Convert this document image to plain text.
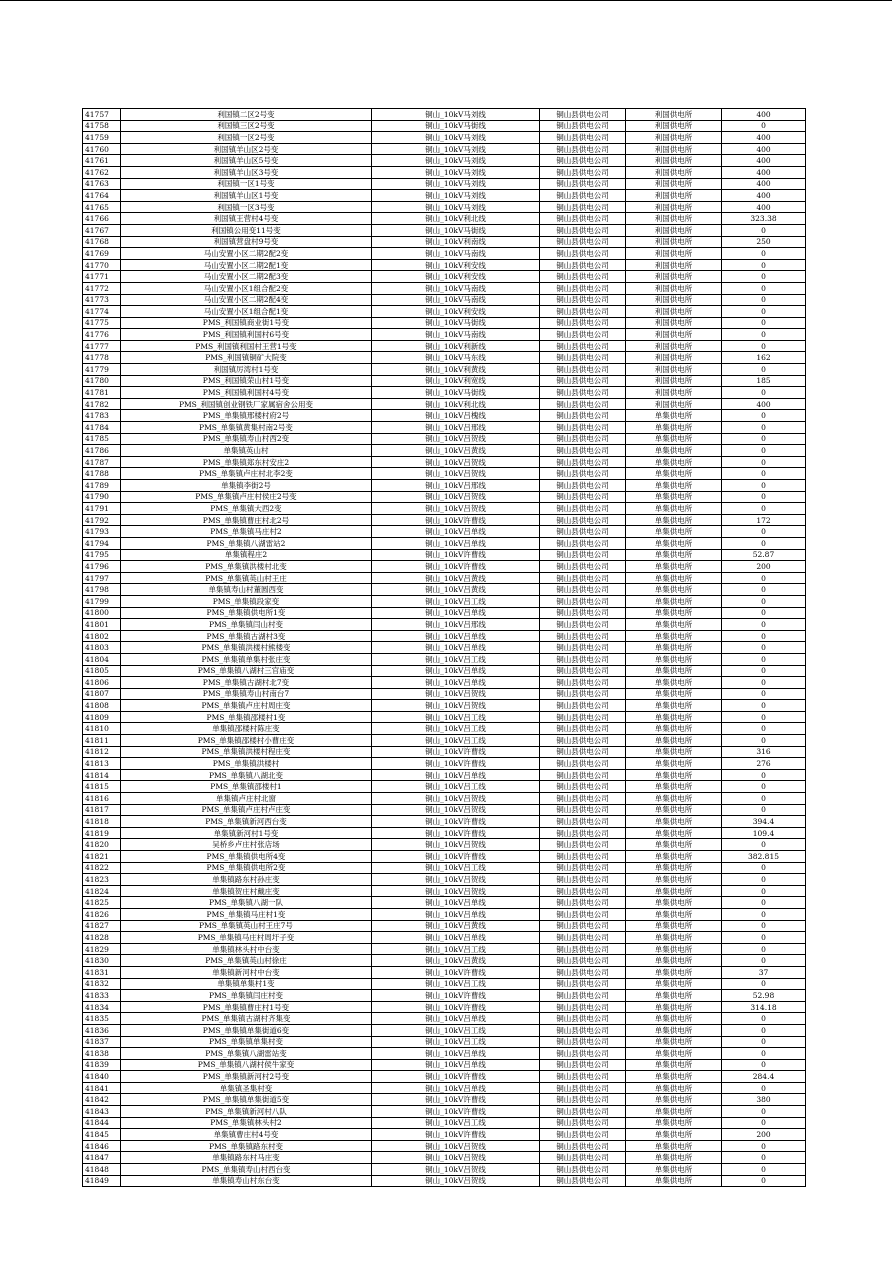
41757	利国镇二区2号变	铜山_10kV马刘线	铜山县供电公司	利国供电所	400
41758	利国镇三区2号变	铜山_10kV马街线	铜山县供电公司	利国供电所	0
41759	利国镇一区2号变	铜山_10kV马刘线	铜山县供电公司	利国供电所	400
41760	利国镇羊山区2号变	铜山_10kV马刘线	铜山县供电公司	利国供电所	400
41761	利国镇羊山区5号变	铜山_10kV马刘线	铜山县供电公司	利国供电所	400
41762	利国镇羊山区3号变	铜山_10kV马刘线	铜山县供电公司	利国供电所	400
41763	利国镇一区1号变	铜山_10kV马刘线	铜山县供电公司	利国供电所	400
41764	利国镇羊山区1号变	铜山_10kV马刘线	铜山县供电公司	利国供电所	400
41765	利国镇一区3号变	铜山_10kV马刘线	铜山县供电公司	利国供电所	400
41766	利国镇王营村4号变	铜山_10kV利北线	铜山县供电公司	利国供电所	323.38
41767	利国镇公用变11号变	铜山_10kV马街线	铜山县供电公司	利国供电所	0
41768	利国镇营盘村9号变	铜山_10kV利南线	铜山县供电公司	利国供电所	250
41769	马山安置小区二期2配2变	铜山_10kV马南线	铜山县供电公司	利国供电所	0
41770	马山安置小区二期2配1变	铜山_10kV利安线	铜山县供电公司	利国供电所	0
41771	马山安置小区二期2配3变	铜山_10kV利安线	铜山县供电公司	利国供电所	0
41772	马山安置小区1组合配2变	铜山_10kV马南线	铜山县供电公司	利国供电所	0
41773	马山安置小区二期2配4变	铜山_10kV马南线	铜山县供电公司	利国供电所	0
41774	马山安置小区1组合配1变	铜山_10kV利安线	铜山县供电公司	利国供电所	0
41775	PMS_利国镇商业街1号变	铜山_10kV马街线	铜山县供电公司	利国供电所	0
41776	PMS_利国镇利国村6号变	铜山_10kV马南线	铜山县供电公司	利国供电所	0
41777	PMS_利国镇利国村王营1号变	铜山_10kV利新线	铜山县供电公司	利国供电所	0
41778	PMS_利国镇铜矿大院变	铜山_10kV马东线	铜山县供电公司	利国供电所	162
41779	利国镇厉湾村1号变	铜山_10kV利黄线	铜山县供电公司	利国供电所	0
41780	PMS_利国镇荣山村1号变	铜山_10kV利宽线	铜山县供电公司	利国供电所	185
41781	PMS_利国镇利国村4号变	铜山_10kV马街线	铜山县供电公司	利国供电所	0
41782	PMS_利国镇创业钢铁厂家属宿舍公用变	铜山_10kV利北线	铜山县供电公司	利国供电所	400
41783	PMS_单集镇邢楼村府2号	铜山_10kV吕槐线	铜山县供电公司	单集供电所	0
41784	PMS_单集镇黄集村南2号变	铜山_10kV吕邢线	铜山县供电公司	单集供电所	0
41785	PMS_单集镇寿山村西2变	铜山_10kV吕贺线	铜山县供电公司	单集供电所	0
41786	单集镇英山村	铜山_10kV吕黄线	铜山县供电公司	单集供电所	0
41787	PMS_单集镇郑东村安庄2	铜山_10kV吕贺线	铜山县供电公司	单集供电所	0
41788	PMS_单集镇卢庄村北李2变	铜山_10kV吕贺线	铜山县供电公司	单集供电所	0
41789	单集镇李街2号	铜山_10kV吕邢线	铜山县供电公司	单集供电所	0
41790	PMS_单集镇卢庄村侯庄2号变	铜山_10kV吕贺线	铜山县供电公司	单集供电所	0
41791	PMS_单集镇大西2变	铜山_10kV吕贺线	铜山县供电公司	单集供电所	0
41792	PMS_单集镇曹庄村北2号	铜山_10kV许曹线	铜山县供电公司	单集供电所	172
41793	PMS_单集镇马庄村2	铜山_10kV吕单线	铜山县供电公司	单集供电所	0
41794	PMS_单集镇八湖雷站2	铜山_10kV吕单线	铜山县供电公司	单集供电所	0
41795	单集镇程庄2	铜山_10kV许曹线	铜山县供电公司	单集供电所	52.87
41796	PMS_单集镇洪楼村北变	铜山_10kV许曹线	铜山县供电公司	单集供电所	200
41797	PMS_单集镇英山村王庄	铜山_10kV吕黄线	铜山县供电公司	单集供电所	0
41798	单集镇寿山村董圆西变	铜山_10kV吕黄线	铜山县供电公司	单集供电所	0
41799	PMS_单集镇段家变	铜山_10kV吕工线	铜山县供电公司	单集供电所	0
41800	PMS_单集镇供电所1变	铜山_10kV吕单线	铜山县供电公司	单集供电所	0
41801	PMS_单集镇闫山村变	铜山_10kV吕邢线	铜山县供电公司	单集供电所	0
41802	PMS_单集镇古湖村3变	铜山_10kV吕单线	铜山县供电公司	单集供电所	0
41803	PMS_单集镇洪楼村熊楼变	铜山_10kV吕单线	铜山县供电公司	单集供电所	0
41804	PMS_单集镇单集村张庄变	铜山_10kV吕工线	铜山县供电公司	单集供电所	0
41805	PMS_单集镇八湖村三官庙变	铜山_10kV吕单线	铜山县供电公司	单集供电所	0
41806	PMS_单集镇古湖村北7变	铜山_10kV吕单线	铜山县供电公司	单集供电所	0
41807	PMS_单集镇寿山村南台7	铜山_10kV吕贺线	铜山县供电公司	单集供电所	0
41808	PMS_单集镇卢庄村周庄变	铜山_10kV吕贺线	铜山县供电公司	单集供电所	0
41809	PMS_单集镇邵楼村1变	铜山_10kV吕工线	铜山县供电公司	单集供电所	0
41810	单集镇邵楼村陈庄变	铜山_10kV吕工线	铜山县供电公司	单集供电所	0
41811	PMS_单集镇邵楼村小曹庄变	铜山_10kV吕工线	铜山县供电公司	单集供电所	0
41812	PMS_单集镇洪楼村程庄变	铜山_10kV许曹线	铜山县供电公司	单集供电所	316
41813	PMS_单集镇洪楼村	铜山_10kV许曹线	铜山县供电公司	单集供电所	276
41814	PMS_单集镇八湖北变	铜山_10kV吕单线	铜山县供电公司	单集供电所	0
41815	PMS_单集镇邵楼村1	铜山_10kV吕工线	铜山县供电公司	单集供电所	0
41816	单集镇卢庄村北窗	铜山_10kV吕贺线	铜山县供电公司	单集供电所	0
41817	PMS_单集镇卢庄村卢庄变	铜山_10kV吕贺线	铜山县供电公司	单集供电所	0
41818	PMS_单集镇新河西台变	铜山_10kV许曹线	铜山县供电公司	单集供电所	394.4
41819	单集镇新河村1号变	铜山_10kV许曹线	铜山县供电公司	单集供电所	109.4
41820	吴桥乡卢庄村张店场	铜山_10kV吕贺线	铜山县供电公司	单集供电所	0
41821	PMS_单集镇供电所4变	铜山_10kV许曹线	铜山县供电公司	单集供电所	382.815
41822	PMS_单集镇供电所2变	铜山_10kV吕工线	铜山县供电公司	单集供电所	0
41823	单集镇路东村孙庄变	铜山_10kV吕贺线	铜山县供电公司	单集供电所	0
41824	单集镇贺庄村戴庄变	铜山_10kV吕贺线	铜山县供电公司	单集供电所	0
41825	PMS_单集镇八湖一队	铜山_10kV吕单线	铜山县供电公司	单集供电所	0
41826	PMS_单集镇马庄村1变	铜山_10kV吕单线	铜山县供电公司	单集供电所	0
41827	PMS_单集镇英山村王庄7号	铜山_10kV吕黄线	铜山县供电公司	单集供电所	0
41828	PMS_单集镇马庄村周圩子变	铜山_10kV吕单线	铜山县供电公司	单集供电所	0
41829	单集镇林头村中台变	铜山_10kV吕工线	铜山县供电公司	单集供电所	0
41830	PMS_单集镇英山村徐庄	铜山_10kV吕黄线	铜山县供电公司	单集供电所	0
41831	单集镇新河村中台变	铜山_10kV许曹线	铜山县供电公司	单集供电所	37
41832	单集镇单集村1变	铜山_10kV吕工线	铜山县供电公司	单集供电所	0
41833	PMS_单集镇闫庄村变	铜山_10kV许曹线	铜山县供电公司	单集供电所	52.98
41834	PMS_单集镇曹庄村1号变	铜山_10kV许曹线	铜山县供电公司	单集供电所	314.18
41835	PMS_单集镇古湖村齐集变	铜山_10kV吕单线	铜山县供电公司	单集供电所	0
41836	PMS_单集镇单集街道6变	铜山_10kV吕工线	铜山县供电公司	单集供电所	0
41837	PMS_单集镇单集村变	铜山_10kV吕工线	铜山县供电公司	单集供电所	0
41838	PMS_单集镇八湖雷站变	铜山_10kV吕单线	铜山县供电公司	单集供电所	0
41839	PMS_单集镇八湖村侯牛家变	铜山_10kV吕单线	铜山县供电公司	单集供电所	0
41840	PMS_单集镇新河村2号变	铜山_10kV许曹线	铜山县供电公司	单集供电所	284.4
41841	单集镇圣集村变	铜山_10kV吕单线	铜山县供电公司	单集供电所	0
41842	PMS_单集镇单集街道5变	铜山_10kV许曹线	铜山县供电公司	单集供电所	380
41843	PMS_单集镇新河村八队	铜山_10kV许曹线	铜山县供电公司	单集供电所	0
41844	PMS_单集镇林头村2	铜山_10kV吕工线	铜山县供电公司	单集供电所	0
41845	单集镇曹庄村4号变	铜山_10kV许曹线	铜山县供电公司	单集供电所	200
41846	PMS_单集镇路东村变	铜山_10kV吕贺线	铜山县供电公司	单集供电所	0
41847	单集镇路东村马庄变	铜山_10kV吕贺线	铜山县供电公司	单集供电所	0
41848	PMS_单集镇寿山村西台变	铜山_10kV吕贺线	铜山县供电公司	单集供电所	0
41849	单集镇寿山村东台变	铜山_10kV吕贺线	铜山县供电公司	单集供电所	0
